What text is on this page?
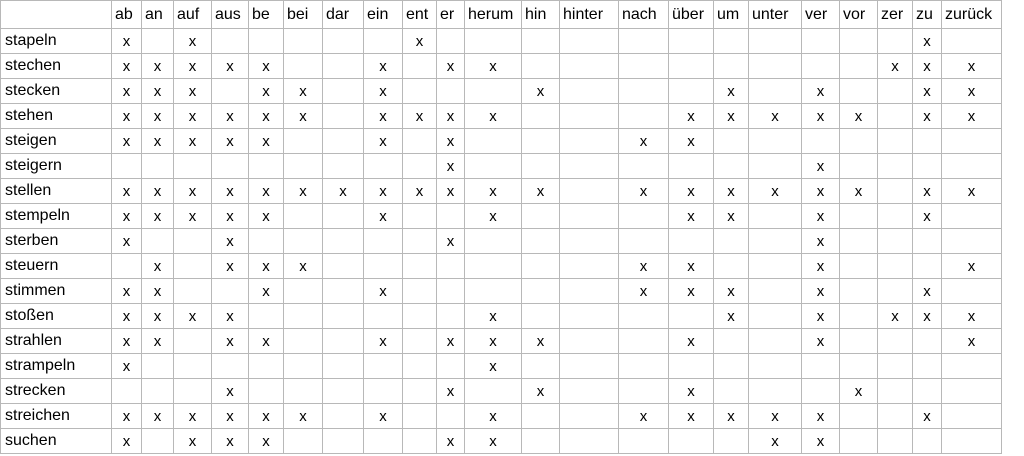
	ab	an	auf	aus	be	bei	dar	ein	ent	er	herum	hin	hinter	nach	über	um	unter	ver	vor	zer	zu	zurück
stapeln	x		x						x												x	
stechen	x	x	x	x	x			x		x	x									x	x	x
stecken	x	x	x		x	x		x				x				x		x			x	x
stehen	x	x	x	x	x	x		x	x	x	x				x	x	x	x	x		x	x
steigen	x	x	x	x	x			x		x				x	x							
steigern										x								x				
stellen	x	x	x	x	x	x	x	x	x	x	x	x		x	x	x	x	x	x		x	x
stempeln	x	x	x	x	x			x			x				x	x		x			x	
sterben	x			x						x								x				
steuern		x		x	x	x								x	x			x				x
stimmen	x	x			x			x						x	x	x		x			x	
stoßen	x	x	x	x							x					x		x		x	x	x
strahlen	x	x		x	x			x		x	x	x			x			x				x
strampeln	x										x											
strecken				x						x		x			x				x			
streichen	x	x	x	x	x	x		x			x			x	x	x	x	x			x	
suchen	x		x	x	x					x	x						x	x				
